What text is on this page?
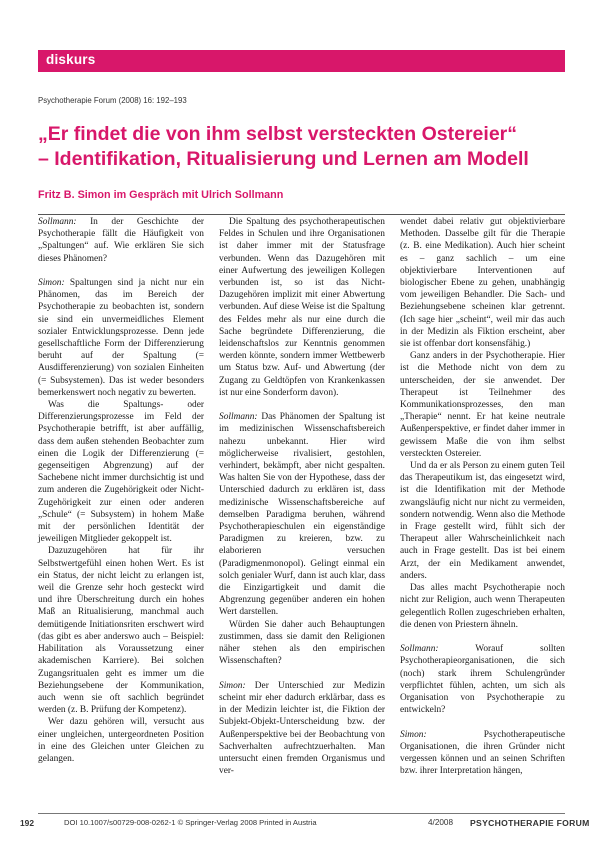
diskurs
Psychotherapie Forum (2008) 16: 192–193
„Er findet die von ihm selbst versteckten Ostereier“
– Identifikation, Ritualisierung und Lernen am Modell
Fritz B. Simon im Gespräch mit Ulrich Sollmann

Sollmann: In der Geschichte der Psychotherapie fällt die Häufigkeit von „Spaltungen“ auf. Wie erklären Sie sich dieses Phänomen?

Simon: Spaltungen sind ja nicht nur ein Phänomen, das im Bereich der Psychotherapie zu beobachten ist, sondern sie sind ein unvermeidliches Element sozialer Entwicklungsprozesse. Denn jede gesellschaftliche Form der Differenzierung beruht auf der Spaltung (= Ausdifferenzierung) von sozialen Einheiten (= Subsystemen). Das ist weder besonders bemerkenswert noch negativ zu bewerten.

Was die Spaltungs- oder Differenzierungsprozesse im Feld der Psychotherapie betrifft, ist aber auffällig, dass dem außen stehenden Beobachter zum einen die Logik der Differenzierung (= gegenseitigen Abgrenzung) auf der Sachebene nicht immer durchsichtig ist und zum anderen die Zugehörigkeit oder Nicht-Zugehörigkeit zur einen oder anderen „Schule“ (= Subsystem) in hohem Maße mit der persönlichen Identität der jeweiligen Mitglieder gekoppelt ist.

Dazuzugehören hat für ihr Selbstwertgefühl einen hohen Wert. Es ist ein Status, der nicht leicht zu erlangen ist, weil die Grenze sehr hoch gesteckt wird und ihre Überschreitung durch ein hohes Maß an Ritualisierung, manchmal auch demütigende Initiationsriten erschwert wird (das gibt es aber anderswo auch – Beispiel: Habilitation als Voraussetzung einer akademischen Karriere). Bei solchen Zugangsritualen geht es immer um die Beziehungsebene der Kommunikation, auch wenn sie oft sachlich begründet werden (z. B. Prüfung der Kompetenz).

Wer dazu gehören will, versucht aus einer ungleichen, untergeordneten Position in eine des Gleichen unter Gleichen zu gelangen.

Die Spaltung des psychotherapeutischen Feldes in Schulen und ihre Organisationen ist daher immer mit der Statusfrage verbunden. Wenn das Dazugehören mit einer Aufwertung des jeweiligen Kollegen verbunden ist, so ist das Nicht-Dazugehören implizit mit einer Abwertung verbunden. Auf diese Weise ist die Spaltung des Feldes mehr als nur eine durch die Sache begründete Differenzierung, die leidenschaftslos zur Kenntnis genommen werden könnte, sondern immer Wettbewerb um Status bzw. Auf- und Abwertung (der Zugang zu Geldtöpfen von Krankenkassen ist nur eine Sonderform davon).

Sollmann: Das Phänomen der Spaltung ist im medizinischen Wissenschaftsbereich nahezu unbekannt. Hier wird möglicherweise rivalisiert, gestohlen, verhindert, bekämpft, aber nicht gespalten. Was halten Sie von der Hypothese, dass der Unterschied dadurch zu erklären ist, dass medizinische Wissenschaftsbereiche auf demselben Paradigma beruhen, während Psychotherapieschulen ein eigenständige Paradigmen zu kreieren, bzw. zu elaborieren versuchen (Paradigmenmonopol). Gelingt einmal ein solch genialer Wurf, dann ist auch klar, dass die Einzigartigkeit und damit die Abgrenzung gegenüber anderen ein hohen Wert darstellen.

Würden Sie daher auch Behauptungen zustimmen, dass sie damit den Religionen näher stehen als den empirischen Wissenschaften?

Simon: Der Unterschied zur Medizin scheint mir eher dadurch erklärbar, dass es in der Medizin leichter ist, die Fiktion der Subjekt-Objekt-Unterscheidung bzw. der Außenperspektive bei der Beobachtung von Sachverhalten aufrechtzuerhalten. Man untersucht einen fremden Organismus und ver-

wendet dabei relativ gut objektivierbare Methoden. Dasselbe gilt für die Therapie (z. B. eine Medikation). Auch hier scheint es – ganz sachlich – um eine objektivierbare Interventionen auf biologischer Ebene zu gehen, unabhängig vom jeweiligen Behandler. Die Sach- und Beziehungsebene scheinen klar getrennt. (Ich sage hier „scheint“, weil mir das auch in der Medizin als Fiktion erscheint, aber sie ist offenbar dort konsensfähig.)

Ganz anders in der Psychotherapie. Hier ist die Methode nicht von dem zu unterscheiden, der sie anwendet. Der Therapeut ist Teilnehmer des Kommunikationsprozesses, den man „Therapie“ nennt. Er hat keine neutrale Außenperspektive, er findet daher immer in gewissem Maße die von ihm selbst versteckten Ostereier.

Und da er als Person zu einem guten Teil das Therapeutikum ist, das eingesetzt wird, ist die Identifikation mit der Methode zwangsläufig nicht nur nicht zu vermeiden, sondern notwendig. Wenn also die Methode in Frage gestellt wird, fühlt sich der Therapeut aller Wahrscheinlichkeit nach auch in Frage gestellt. Das ist bei einem Arzt, der ein Medikament anwendet, anders.

Das alles macht Psychotherapie noch nicht zur Religion, auch wenn Therapeuten gelegentlich Rollen zugeschrieben erhalten, die denen von Priestern ähneln.

Sollmann:	Worauf sollten Psychotherapieorganisationen, die sich (noch) stark ihrem Schulengründer verpflichtet fühlen, achten, um sich als Organisation von Psychotherapie zu entwickeln?

Simon:	Psychotherapeutische Organisationen, die ihren Gründer nicht vergessen können und an seinen Schriften bzw. ihrer Interpretation hängen,

192	DOI 10.1007/s00729-008-0262-1 © Springer-Verlag 2008 Printed in Austria	4/2008 PSYCHOTHERAPIE FORUM
